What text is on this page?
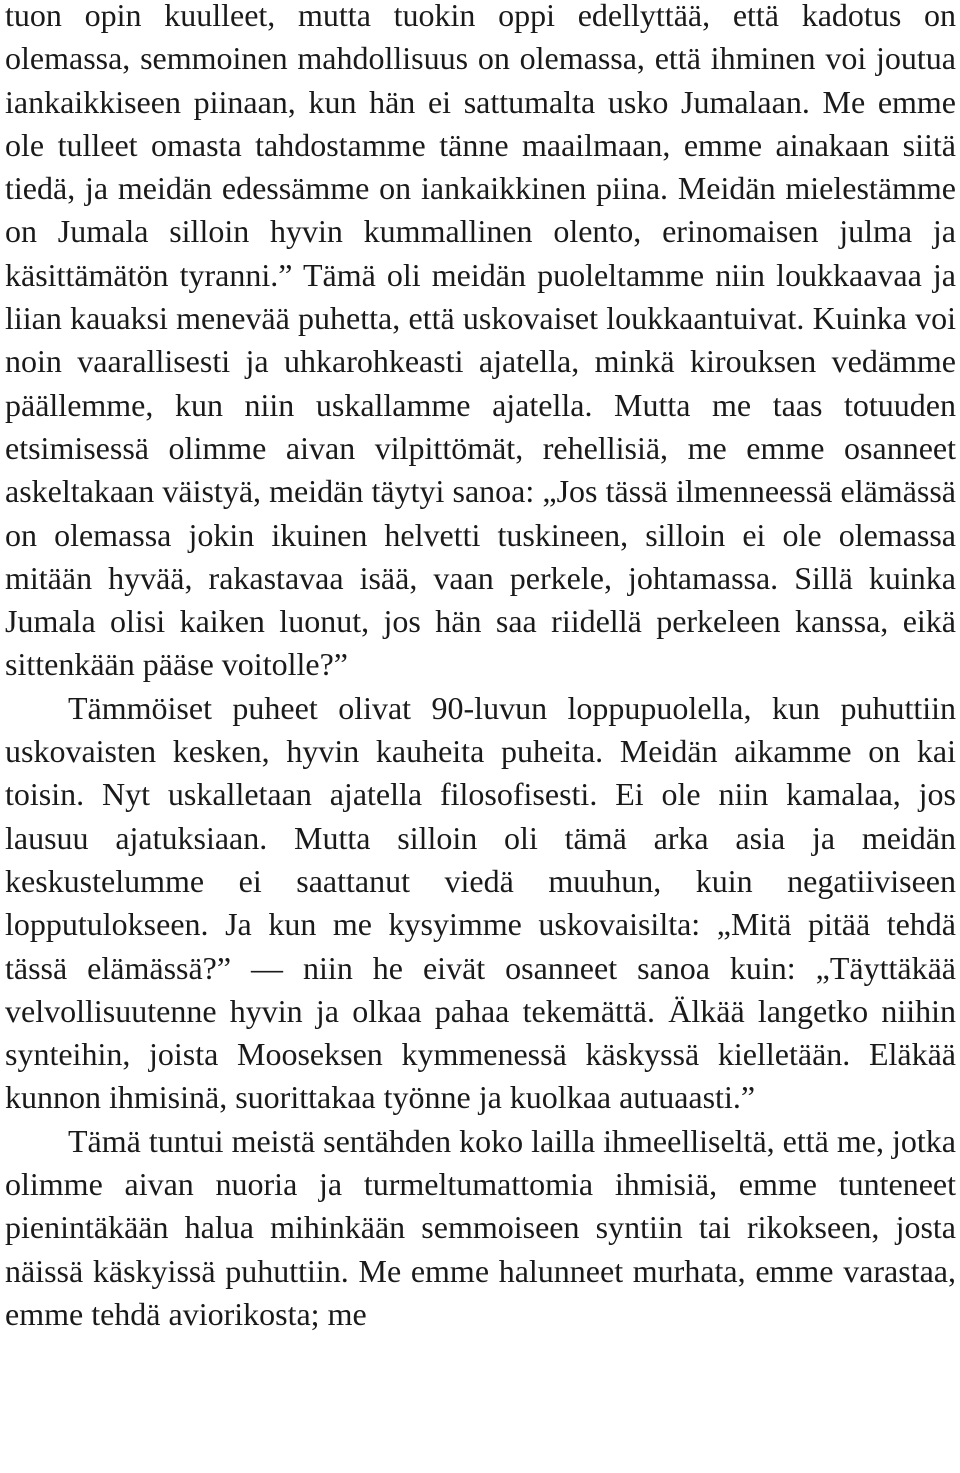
tuon opin kuulleet, mutta tuokin oppi edellyttää, että kadotus on olemassa, semmoinen mahdollisuus on olemassa, että ihminen voi joutua iankaikkiseen piinaan, kun hän ei sattumalta usko Jumalaan. Me emme ole tulleet omasta tahdostamme tänne maailmaan, emme ainakaan siitä tiedä, ja meidän edessämme on iankaikkinen piina. Meidän mielestämme on Jumala silloin hyvin kummallinen olento, erinomaisen julma ja käsittämätön tyranni.” Tämä oli meidän puoleltamme niin loukkaavaa ja liian kauaksi menevää puhetta, että uskovaiset loukkaantuivat. Kuinka voi noin vaarallisesti ja uhkarohkeasti ajatella, minkä kirouksen vedämme päällemme, kun niin uskallamme ajatella. Mutta me taas totuuden etsimisessä olimme aivan vilpittömät, rehellisiä, me emme osanneet askeltakaan väistyä, meidän täytyi sanoa: „Jos tässä ilmenneessä elämässä on olemassa jokin ikuinen helvetti tuskineen, silloin ei ole olemassa mitään hyvää, rakastavaa isää, vaan perkele, johtamassa. Sillä kuinka Jumala olisi kaiken luonut, jos hän saa riidellä perkeleen kanssa, eikä sittenkään pääse voitolle?”

Tämmöiset puheet olivat 90-luvun loppupuolella, kun puhuttiin uskovaisten kesken, hyvin kauheita puheita. Meidän aikamme on kai toisin. Nyt uskalletaan ajatella filosofisesti. Ei ole niin kamalaa, jos lausuu ajatuksiaan. Mutta silloin oli tämä arka asia ja meidän keskustelumme ei saattanut viedä muuhun, kuin negatiiviseen lopputulokseen. Ja kun me kysyimme uskovaisilta: „Mitä pitää tehdä tässä elämässä?” — niin he eivät osanneet sanoa kuin: „Täyttäkää velvollisuutenne hyvin ja olkaa pahaa tekemättä. Älkää langetko niihin synteihin, joista Mooseksen kymmenessä käskyssä kielletään. Eläkää kunnon ihmisinä, suorittakaa työnne ja kuolkaa autuaasti.”

Tämä tuntui meistä sentähden koko lailla ihmeelliseltä, että me, jotka olimme aivan nuoria ja turmeltumattomia ihmisiä, emme tunteneet pienintäkään halua mihinkään semmoiseen syntiin tai rikokseen, josta näissä käskyissä puhuttiin. Me emme halunneet murhata, emme varastaa, emme tehdä aviorikosta; me
